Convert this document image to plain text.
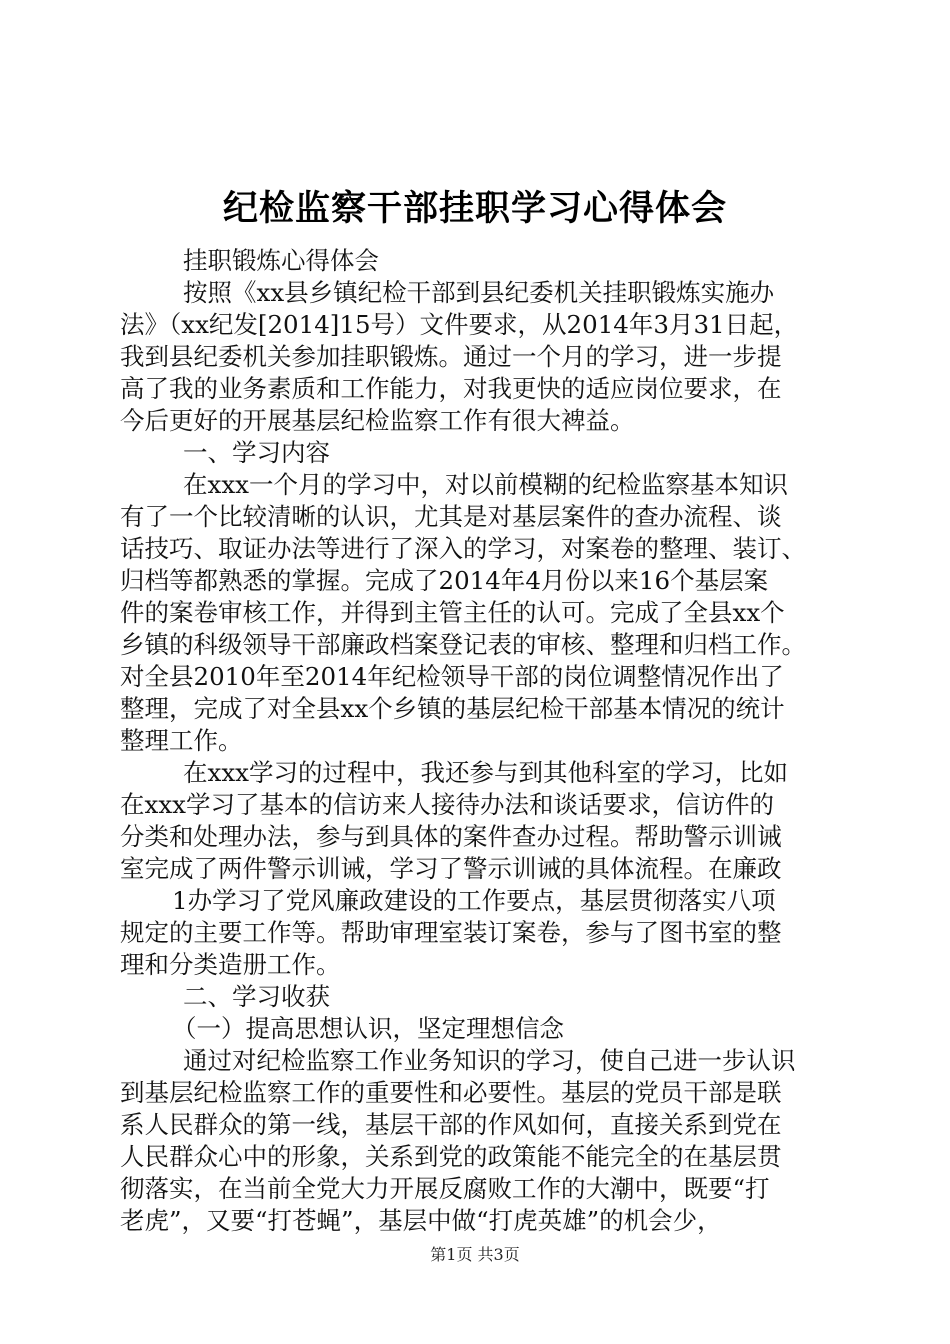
纪检监察干部挂职学习心得体会
挂职锻炼心得体会
按照《xx县乡镇纪检干部到县纪委机关挂职锻炼实施办
法》（xx纪发[2014]15号）文件要求，从2014年3月31日起，
我到县纪委机关参加挂职锻炼。通过一个月的学习，进一步提
高了我的业务素质和工作能力，对我更快的适应岗位要求，在
今后更好的开展基层纪检监察工作有很大裨益。
一、学习内容
在xxx一个月的学习中，对以前模糊的纪检监察基本知识
有了一个比较清晰的认识，尤其是对基层案件的查办流程、谈
话技巧、取证办法等进行了深入的学习，对案卷的整理、装订、
归档等都熟悉的掌握。完成了2014年4月份以来16个基层案
件的案卷审核工作，并得到主管主任的认可。完成了全县xx个
乡镇的科级领导干部廉政档案登记表的审核、整理和归档工作。
对全县2010年至2014年纪检领导干部的岗位调整情况作出了
整理，完成了对全县xx个乡镇的基层纪检干部基本情况的统计
整理工作。
在xxx学习的过程中，我还参与到其他科室的学习，比如
在xxx学习了基本的信访来人接待办法和谈话要求，信访件的
分类和处理办法，参与到具体的案件查办过程。帮助警示训诫
室完成了两件警示训诫，学习了警示训诫的具体流程。在廉政
1办学习了党风廉政建设的工作要点，基层贯彻落实八项
规定的主要工作等。帮助审理室装订案卷，参与了图书室的整
理和分类造册工作。
二、学习收获
（一）提高思想认识，坚定理想信念
通过对纪检监察工作业务知识的学习，使自己进一步认识
到基层纪检监察工作的重要性和必要性。基层的党员干部是联
系人民群众的第一线，基层干部的作风如何，直接关系到党在
人民群众心中的形象，关系到党的政策能不能完全的在基层贯
彻落实，在当前全党大力开展反腐败工作的大潮中，既要“打
老虎”，又要“打苍蝇”，基层中做“打虎英雄”的机会少，
第1页 共3页
